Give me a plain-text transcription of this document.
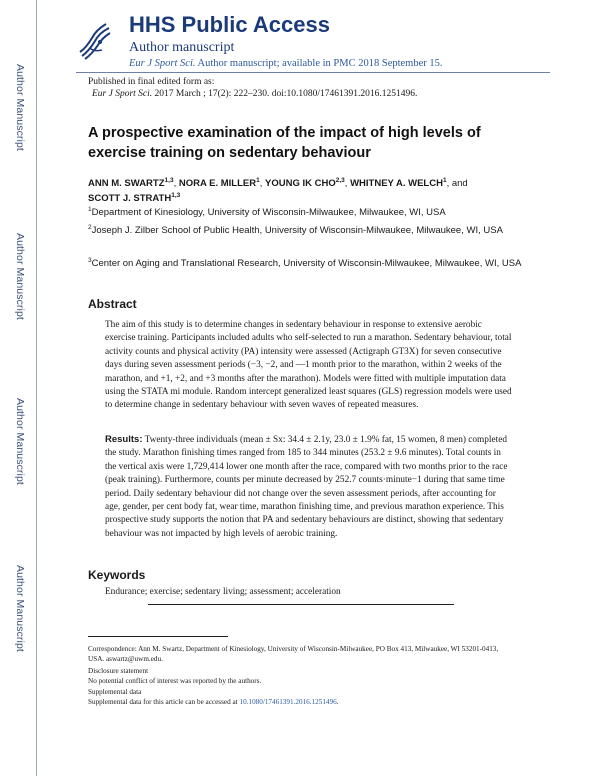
Author Manuscript
Author Manuscript
Author Manuscript
Author Manuscript
HHS Public Access
Author manuscript
Eur J Sport Sci. Author manuscript; available in PMC 2018 September 15.
Published in final edited form as:
Eur J Sport Sci. 2017 March ; 17(2): 222–230. doi:10.1080/17461391.2016.1251496.
A prospective examination of the impact of high levels of exercise training on sedentary behaviour
ANN M. SWARTZ$^{1,3}$, NORA E. MILLER$^1$, YOUNG IK CHO$^{2,3}$, WHITNEY A. WELCH$^1$, and
SCOTT J. STRATH$^{1,3}$
$^1$Department of Kinesiology, University of Wisconsin-Milwaukee, Milwaukee, WI, USA
$^2$Joseph J. Zilber School of Public Health, University of Wisconsin-Milwaukee, Milwaukee, WI, USA
$^3$Center on Aging and Translational Research, University of Wisconsin-Milwaukee, Milwaukee, WI, USA
Abstract
The aim of this study is to determine changes in sedentary behaviour in response to extensive aerobic exercise training. Participants included adults who self-selected to run a marathon. Sedentary behaviour, total activity counts and physical activity (PA) intensity were assessed (Actigraph GT3X) for seven consecutive days during seven assessment periods (−3, −2, and —1 month prior to the marathon, within 2 weeks of the marathon, and +1, +2, and +3 months after the marathon). Models were fitted with multiple imputation data using the STATA mi module. Random intercept generalized least squares (GLS) regression models were used to determine change in sedentary behaviour with seven waves of repeated measures.
Results: Twenty-three individuals (mean ± Sx: 34.4 ± 2.1y, 23.0 ± 1.9% fat, 15 women, 8 men) completed the study. Marathon finishing times ranged from 185 to 344 minutes (253.2 ± 9.6 minutes). Total counts in the vertical axis were 1,729,414 lower one month after the race, compared with two months prior to the race (peak training). Furthermore, counts per minute decreased by 252.7 counts·minute−1 during that same time period. Daily sedentary behaviour did not change over the seven assessment periods, after accounting for age, gender, per cent body fat, wear time, marathon finishing time, and previous marathon experience. This prospective study supports the notion that PA and sedentary behaviours are distinct, showing that sedentary behaviour was not impacted by high levels of aerobic training.
Keywords
Endurance; exercise; sedentary living; assessment; acceleration
Correspondence: Ann M. Swartz, Department of Kinesiology, University of Wisconsin-Milwaukee, PO Box 413, Milwaukee, WI 53201-0413, USA. aswartz@uwm.edu.
Disclosure statement
No potential conflict of interest was reported by the authors.
Supplemental data
Supplemental data for this article can be accessed at 10.1080/17461391.2016.1251496.
